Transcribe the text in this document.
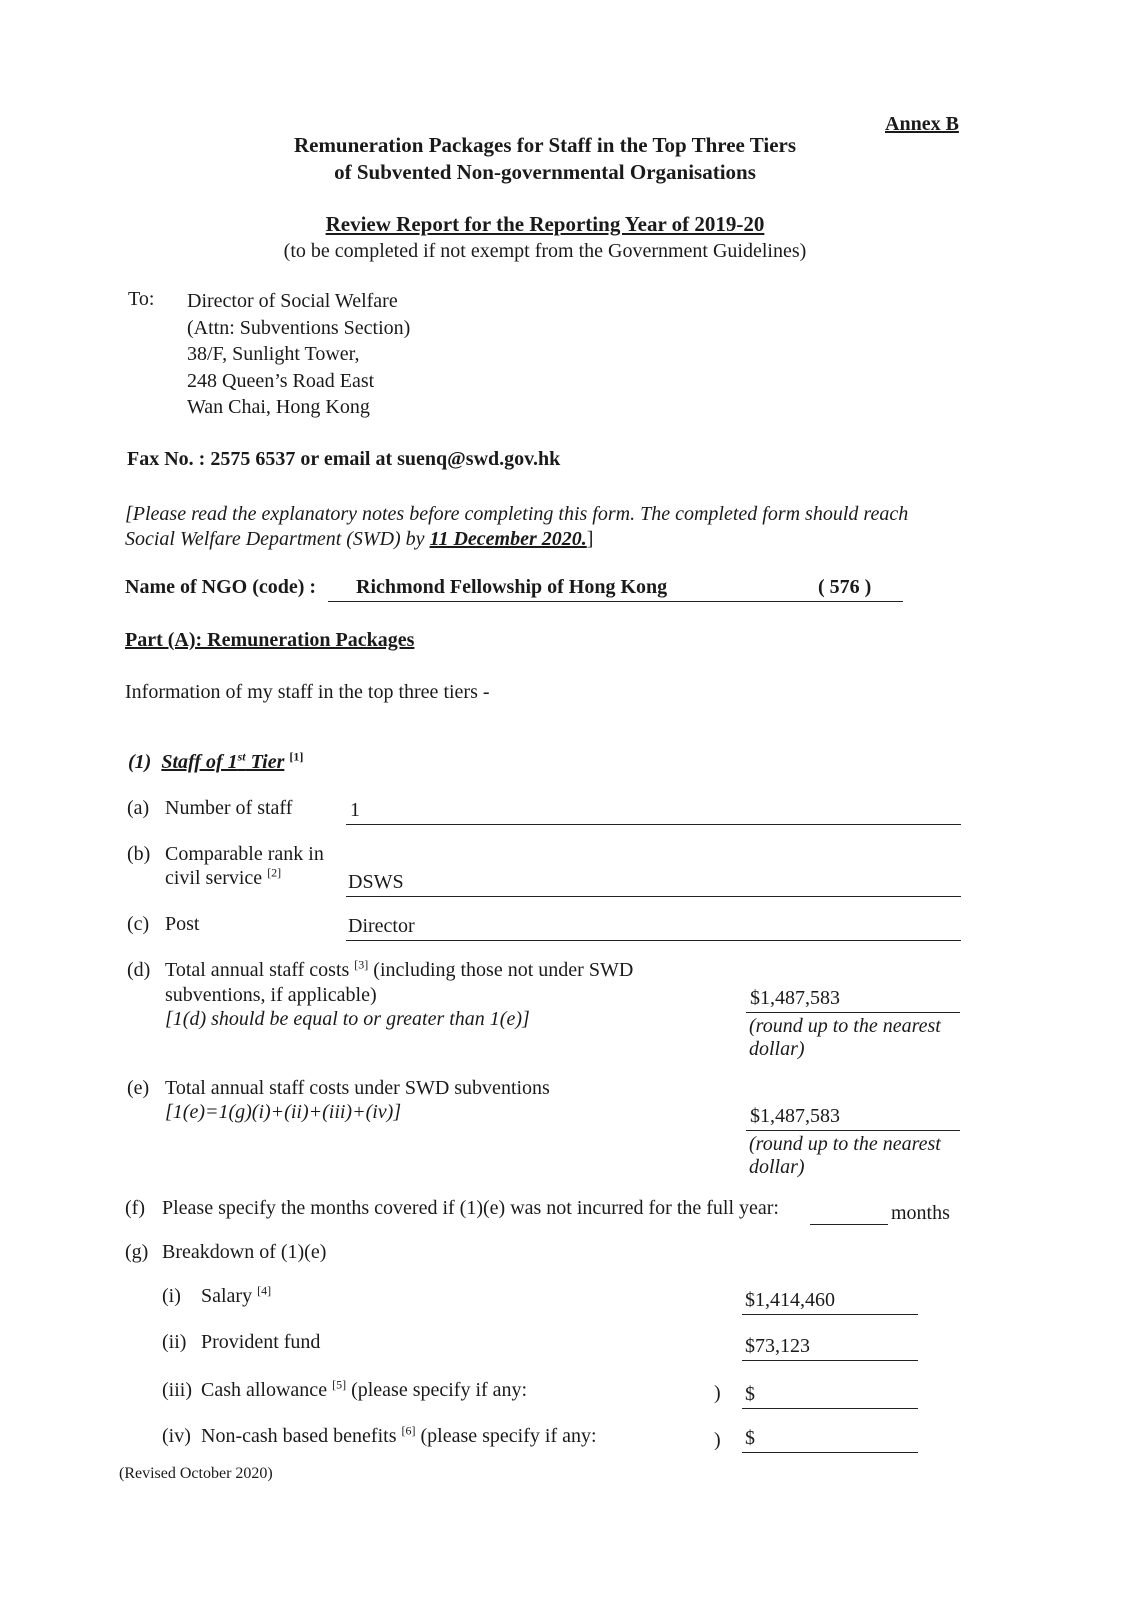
Annex B
Remuneration Packages for Staff in the Top Three Tiers
of Subvented Non-governmental Organisations
Review Report for the Reporting Year of 2019-20
(to be completed if not exempt from the Government Guidelines)
To: Director of Social Welfare
(Attn: Subventions Section)
38/F, Sunlight Tower,
248 Queen’s Road East
Wan Chai, Hong Kong
Fax No. : 2575 6537 or email at suenq@swd.gov.hk
[Please read the explanatory notes before completing this form. The completed form should reach
Social Welfare Department (SWD) by 11 December 2020.]
Name of NGO (code) : Richmond Fellowship of Hong Kong	( 576 )
Part (A): Remuneration Packages
Information of my staff in the top three tiers -
(1) Staff of 1st Tier [1]
(a) Number of staff	1
(b) Comparable rank in
civil service [2]	DSWS
(c) Post	Director
(d) Total annual staff costs [3] (including those not under SWD
subventions, if applicable)
[1(d) should be equal to or greater than 1(e)]
$1,487,583
(round up to the nearest
dollar)
(e) Total annual staff costs under SWD subventions
[1(e)=1(g)(i)+(ii)+(iii)+(iv)]	$1,487,583
(round up to the nearest
dollar)
(f) Please specify the months covered if (1)(e) was not incurred for the full year:	months
(g) Breakdown of (1)(e)
(i) Salary [4]	$1,414,460
(ii) Provident fund	$73,123
(iii) Cash allowance [5] (please specify if any:	) $
(iv) Non-cash based benefits [6] (please specify if any:	) $
(Revised October 2020)
